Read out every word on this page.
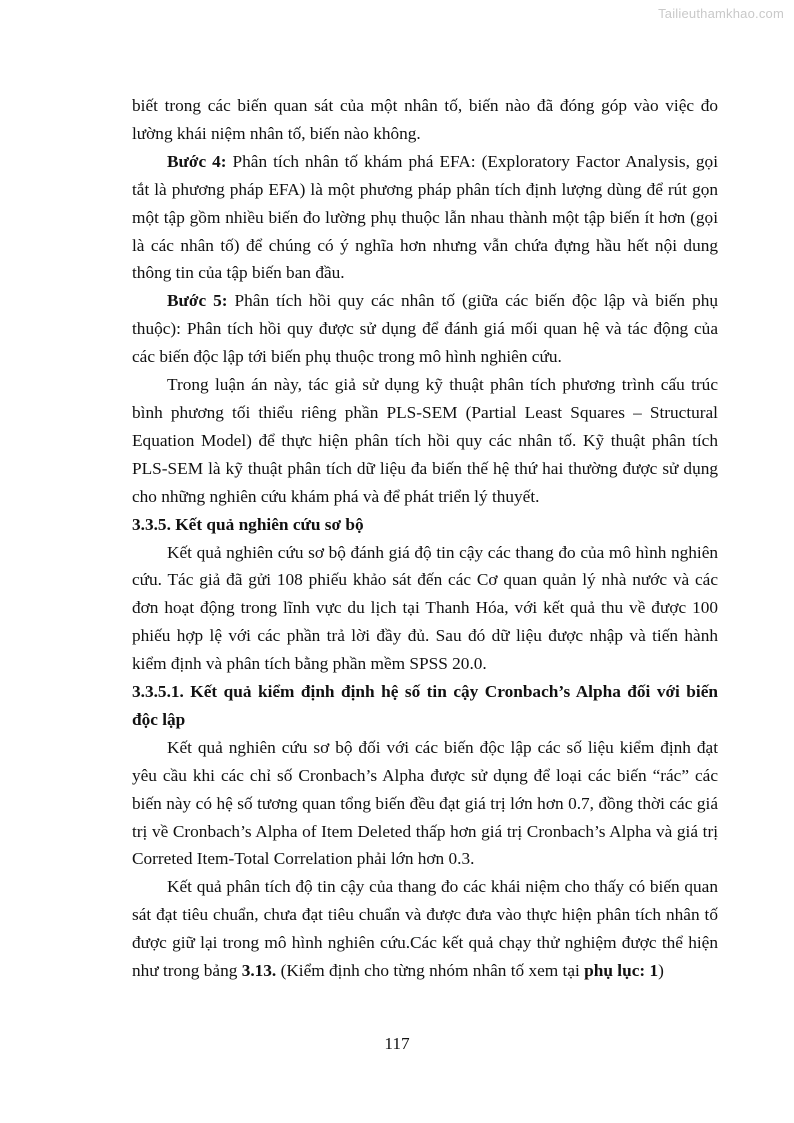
Tailieuthamkhao.com

biết trong các biến quan sát của một nhân tố, biến nào đã đóng góp vào việc đo lường khái niệm nhân tố, biến nào không.

Bước 4: Phân tích nhân tố khám phá EFA: (Exploratory Factor Analysis, gọi tắt là phương pháp EFA) là một phương pháp phân tích định lượng dùng để rút gọn một tập gồm nhiều biến đo lường phụ thuộc lẫn nhau thành một tập biến ít hơn (gọi là các nhân tố) để chúng có ý nghĩa hơn nhưng vẫn chứa đựng hầu hết nội dung thông tin của tập biến ban đầu.

Bước 5: Phân tích hồi quy các nhân tố (giữa các biến độc lập và biến phụ thuộc): Phân tích hồi quy được sử dụng để đánh giá mối quan hệ và tác động của các biến độc lập tới biến phụ thuộc trong mô hình nghiên cứu.

Trong luận án này, tác giả sử dụng kỹ thuật phân tích phương trình cấu trúc bình phương tối thiểu riêng phần PLS-SEM (Partial Least Squares – Structural Equation Model) để thực hiện phân tích hồi quy các nhân tố. Kỹ thuật phân tích PLS-SEM là kỹ thuật phân tích dữ liệu đa biến thế hệ thứ hai thường được sử dụng cho những nghiên cứu khám phá và để phát triển lý thuyết.

3.3.5. Kết quả nghiên cứu sơ bộ

Kết quả nghiên cứu sơ bộ đánh giá độ tin cậy các thang đo của mô hình nghiên cứu. Tác giả đã gửi 108 phiếu khảo sát đến các Cơ quan quản lý nhà nước và các đơn hoạt động trong lĩnh vực du lịch tại Thanh Hóa, với kết quả thu về được 100 phiếu hợp lệ với các phần trả lời đầy đủ. Sau đó dữ liệu được nhập và tiến hành kiểm định và phân tích bằng phần mềm SPSS 20.0.

3.3.5.1. Kết quả kiểm định định hệ số tin cậy Cronbach’s Alpha đối với biến độc lập

Kết quả nghiên cứu sơ bộ đối với các biến độc lập các số liệu kiểm định đạt yêu cầu khi các chỉ số Cronbach’s Alpha được sử dụng để loại các biến “rác” các biến này có hệ số tương quan tổng biến đều đạt giá trị lớn hơn 0.7, đồng thời các giá trị về Cronbach’s Alpha of Item Deleted thấp hơn giá trị Cronbach’s Alpha và giá trị Correted Item-Total Correlation phải lớn hơn 0.3.

Kết quả phân tích độ tin cậy của thang đo các khái niệm cho thấy có biến quan sát đạt tiêu chuẩn, chưa đạt tiêu chuẩn và được đưa vào thực hiện phân tích nhân tố được giữ lại trong mô hình nghiên cứu.Các kết quả chạy thử nghiệm được thể hiện như trong bảng 3.13. (Kiểm định cho từng nhóm nhân tố xem tại phụ lục: 1)

117
